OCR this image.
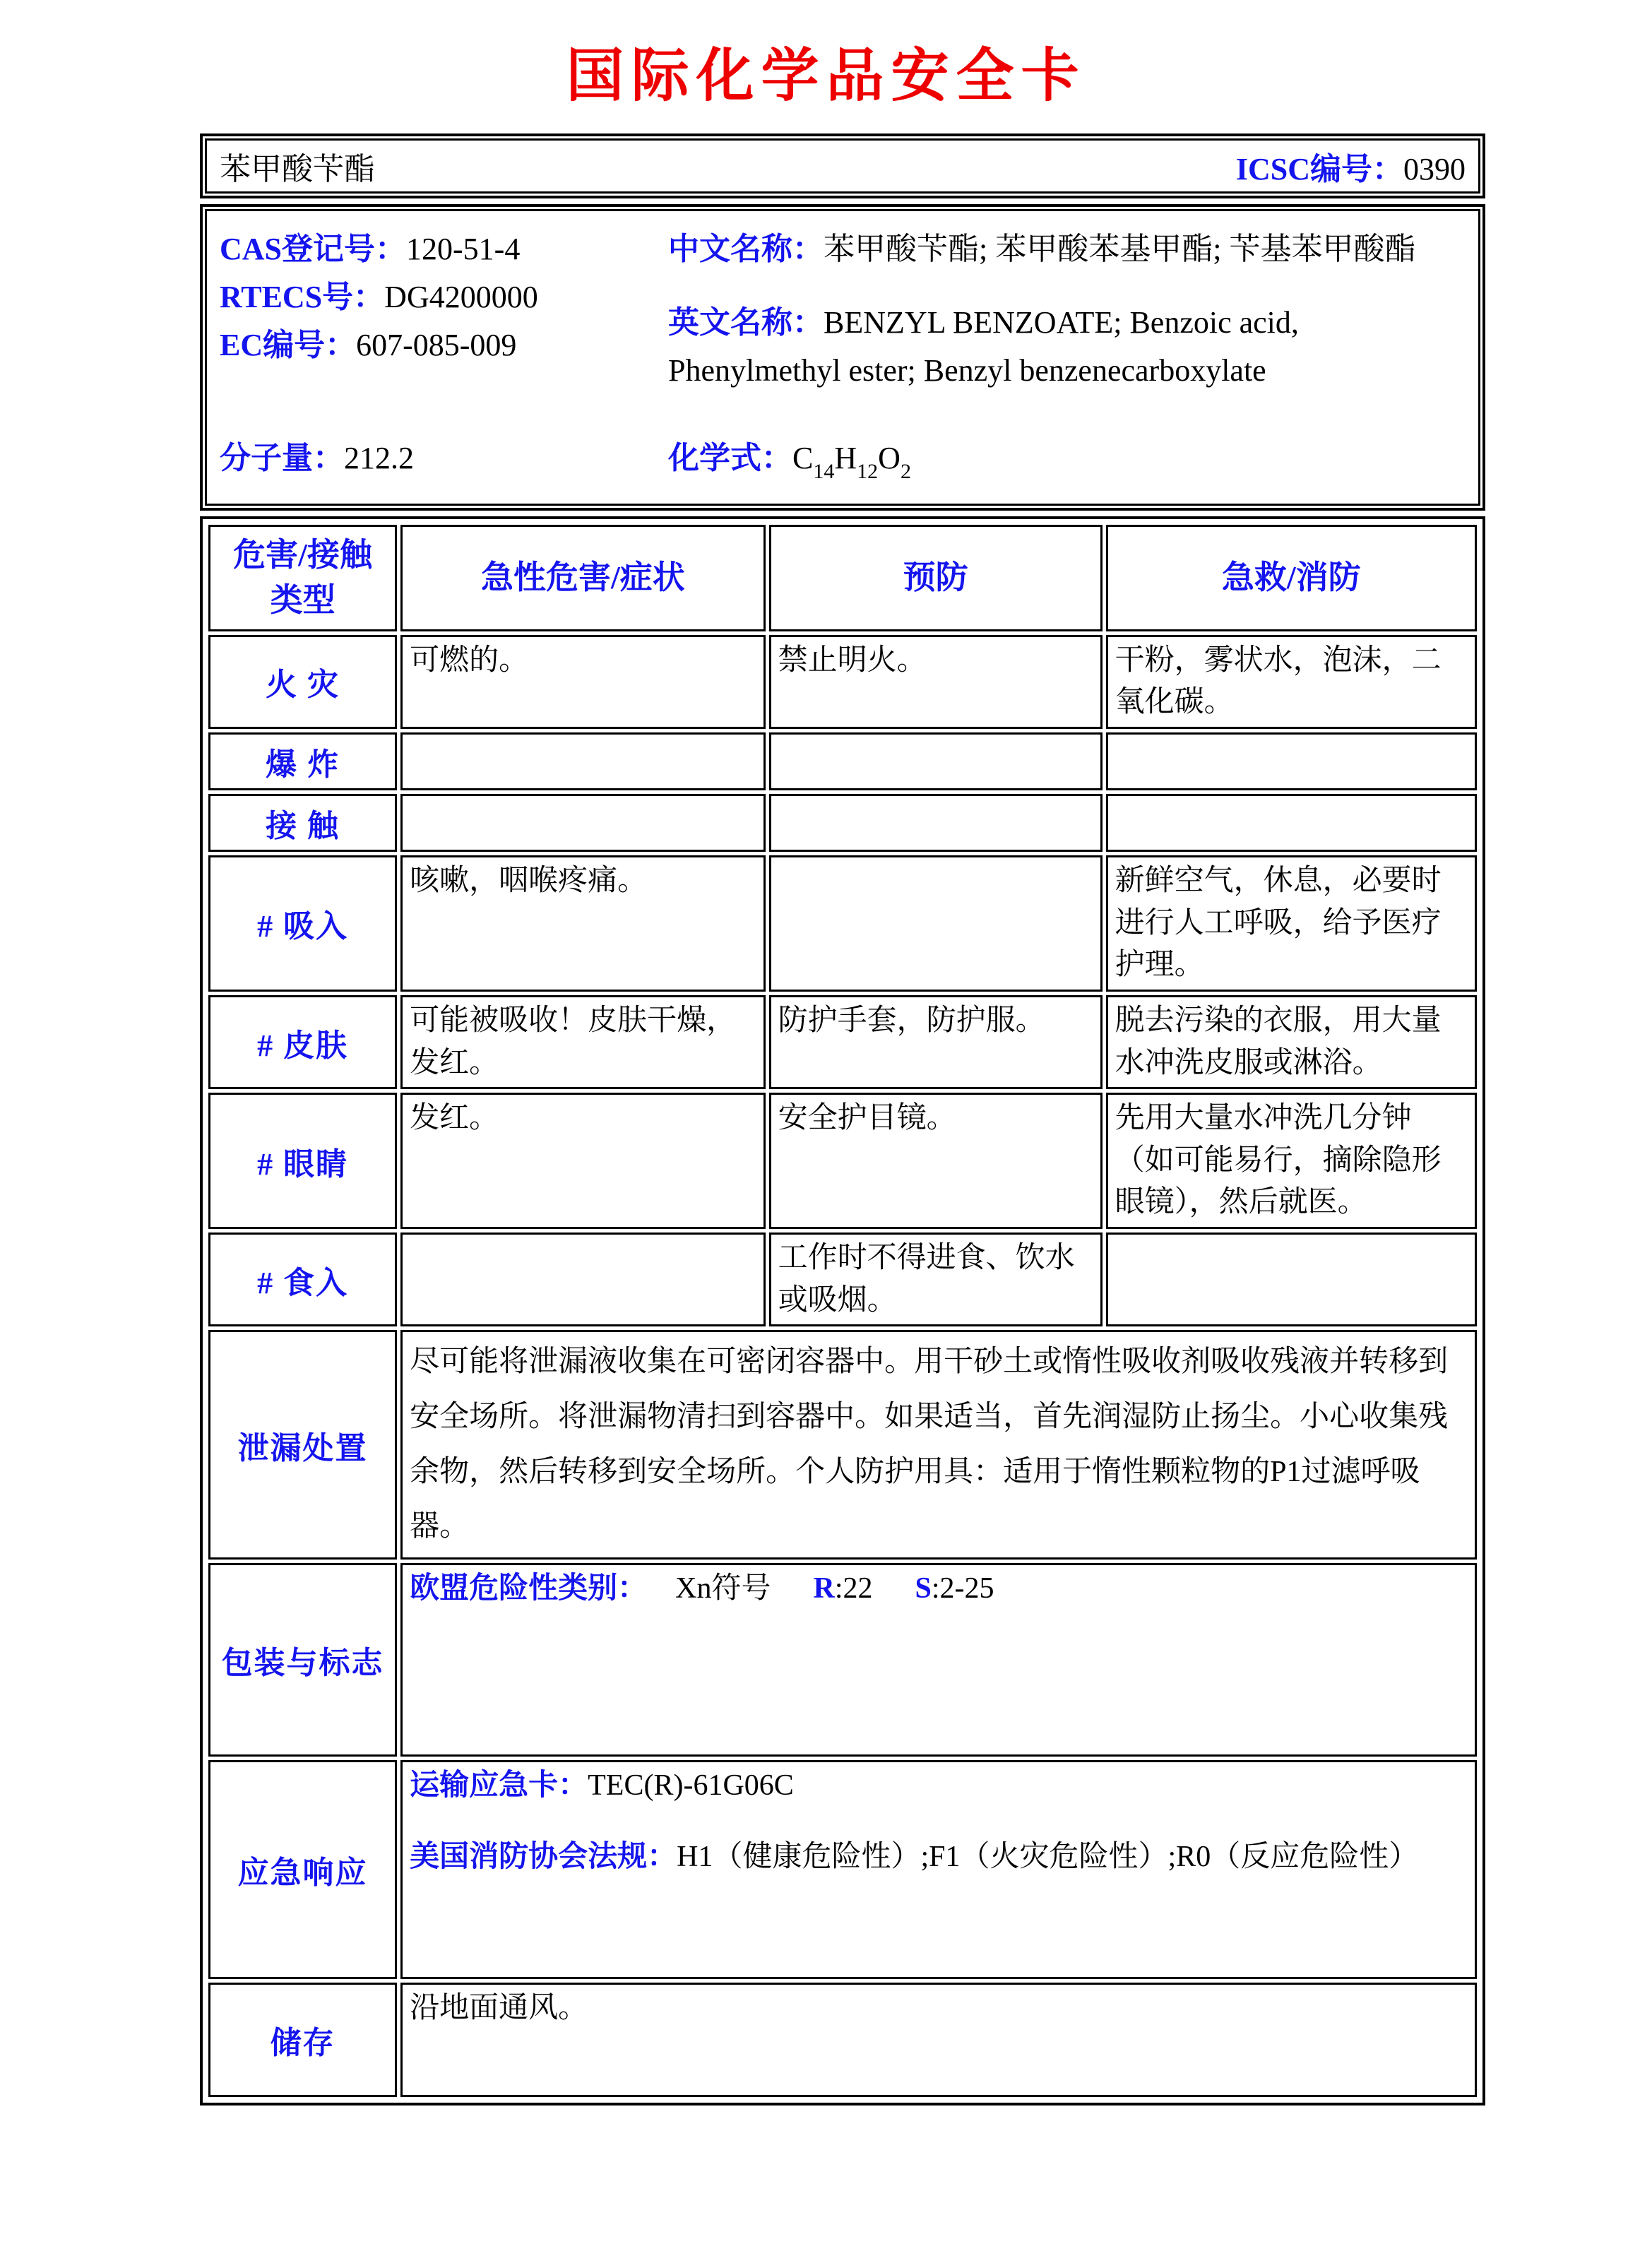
国际化学品安全卡
苯甲酸苄酯	ICSC编号：0390
CAS登记号：120-51-4
RTECS号：DG4200000
EC编号：607-085-009

中文名称：苯甲酸苄酯; 苯甲酸苯基甲酯; 苄基苯甲酸酯

英文名称：BENZYL BENZOATE; Benzoic acid, Phenylmethyl ester; Benzyl benzenecarboxylate

分子量：212.2	化学式：$C_{14}H_{12}O_2$
危害/接触 类型	急性危害/症状	预防	急救/消防
火 灾	可燃的。	禁止明火。	干粉，雾状水，泡沫，二氧化碳。
爆 炸			
接 触			
# 吸入	咳嗽，咽喉疼痛。		新鲜空气，休息，必要时进行人工呼吸，给予医疗护理。
# 皮肤	可能被吸收！皮肤干燥，发红。	防护手套，防护服。	脱去污染的衣服，用大量水冲洗皮服或淋浴。
# 眼睛	发红。	安全护目镜。	先用大量水冲洗几分钟（如可能易行，摘除隐形眼镜），然后就医。
# 食入		工作时不得进食、饮水或吸烟。	
泄漏处置	尽可能将泄漏液收集在可密闭容器中。用干砂土或惰性吸收剂吸收残液并转移到安全场所。将泄漏物清扫到容器中。如果适当，首先润湿防止扬尘。小心收集残余物，然后转移到安全场所。个人防护用具：适用于惰性颗粒物的P1过滤呼吸器。		
包装与标志	欧盟危险性类别： Xn符号 R:22 S:2-25		

应急响应	运输应急卡：TEC(R)-61G06C
美国消防协会法规：H1（健康危险性）;F1（火灾危险性）;R0（反应危险性）		

储存	沿地面通风。		
